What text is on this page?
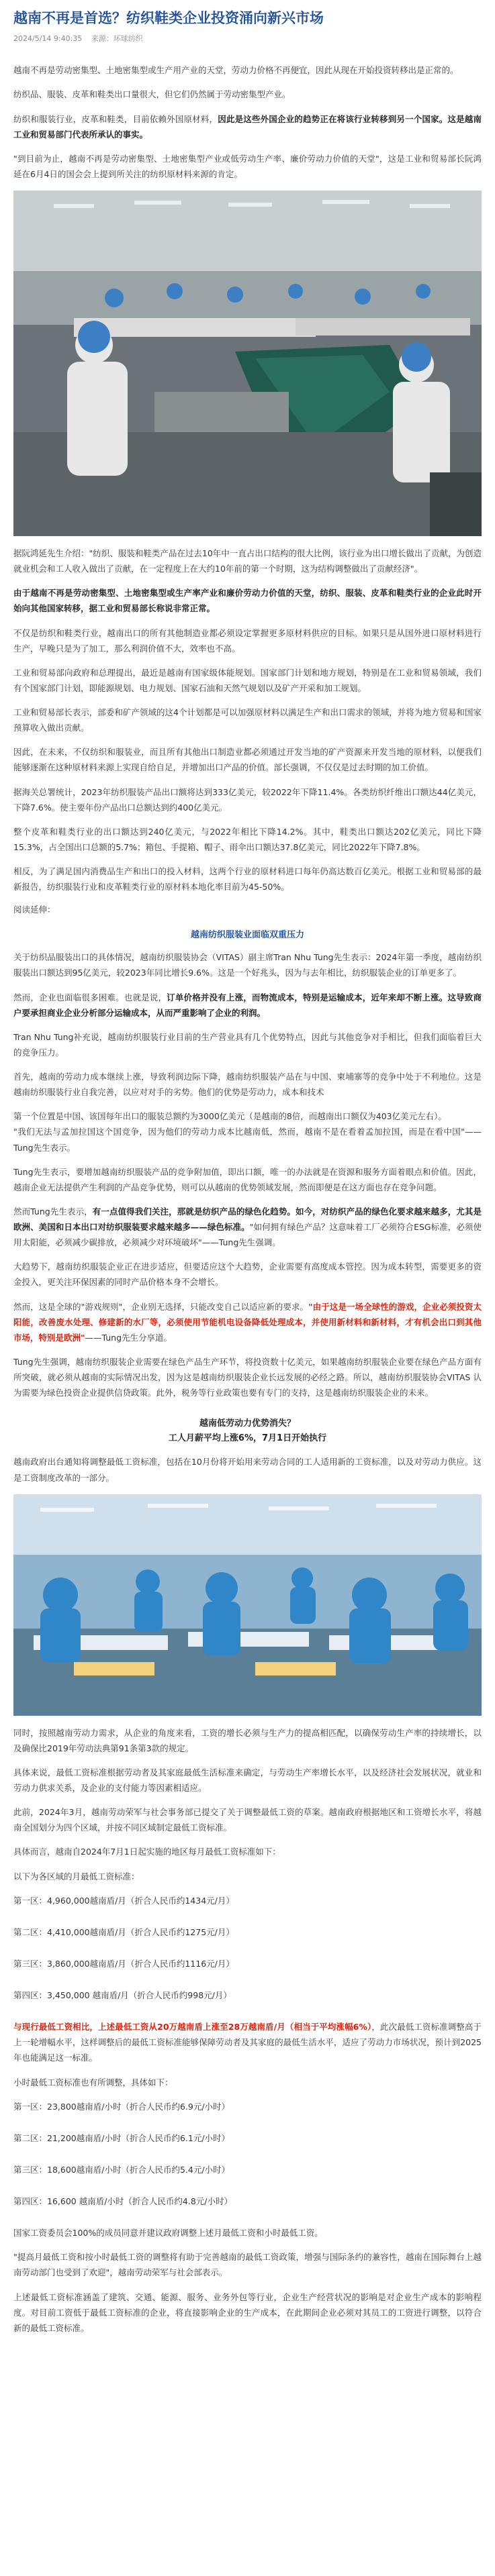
越南不再是首选？纺织鞋类企业投资涌向新兴市场
2024/5/14 9:40:35 来源：环球纺织

越南不再是劳动密集型、土地密集型或生产用产业的天堂，劳动力价格不再便宜，因此从现在开始投资转移出是正常的。

纺织品、服装、皮革和鞋类出口量很大，但它们仍然属于劳动密集型产业。

纺织和服装行业，皮革和鞋类，目前依赖外国原材料，因此是这些外国企业的趋势正在将该行业转移到另一个国家。这是越南工业和贸易部门代表所承认的事实。

"到目前为止，越南不再是劳动密集型、土地密集型产业或低劳动生产率、廉价劳动力价值的天堂"，这是工业和贸易部长阮鸿延在6月4日的国会会上提到所关注的纺织原材料来源的肯定。

据阮鸿延先生介绍："纺织、服装和鞋类产品在过去10年中一直占出口结构的很大比例，该行业为出口增长做出了贡献，为创造就业机会和工人收入做出了贡献，在一定程度上在大约10年前的第一个时期，这为结构调整做出了贡献经济"。

由于越南不再是劳动密集型、土地密集型或生产率产业和廉价劳动力价值的天堂，纺织、服装、皮革和鞋类行业的企业此时开始向其他国家转移，据工业和贸易部长称说非常正常。

不仅是纺织和鞋类行业，越南出口的所有其他制造业都必须设定掌握更多原材料供应的目标。如果只是从国外进口原材料进行生产，早晚只是为了加工，那么利润价值不大，效率也不高。

工业和贸易部向政府和总理提出，最近是越南有国家级体能规划。国家部门计划和地方规划，特别是在工业和贸易领域，我们有个国家部门计划，即能源规划、电力规划、国家石油和天然气规划以及矿产开采和加工规划。

工业和贸易部长表示，部委和矿产领域的这4个计划都是可以加强原材料以满足生产和出口需求的领域，并将为地方贸易和国家预算收入做出贡献。

因此，在未来，不仅纺织和服装业，而且所有其他出口制造业都必须通过开发当地的矿产资源来开发当地的原材料，以便我们能够逐渐在这种原材料来源上实现自给自足，并增加出口产品的价值。部长强调，不仅仅是过去时期的加工价值。

据海关总署统计，2023年纺织服装产品出口额将达到333亿美元，较2022年下降11.4%。各类纺织纤维出口额达44亿美元，下降7.6%。使主要年份产品出口总额达到约400亿美元。

整个皮革和鞋类行业的出口额达到240亿美元，与2022年相比下降14.2%。其中，鞋类出口额达202亿美元，同比下降15.3%，占全国出口总额的5.7%；箱包、手提箱、帽子、雨伞出口额达37.8亿美元，同比2022年下降7.8%。

相反，为了满足国内消费品生产和出口的投入材料，这两个行业的原材料进口每年仍高达数百亿美元。根据工业和贸易部的最新报告，纺织服装行业和皮革鞋类行业的原材料本地化率目前为45-50%。

阅读延伸：

越南纺织服装业面临双重压力

关于纺织品服装出口的具体情况，越南纺织服装协会（VITAS）副主席Tran Nhu Tung先生表示：2024年第一季度，越南纺织服装出口额达到95亿美元，较2023年同比增长9.6%。这是一个好兆头，因为与去年相比，纺织服装企业的订单更多了。

然而，企业也面临很多困难。也就是说，订单价格并没有上涨，而物流成本，特别是运输成本，近年来却不断上涨。这导致商户要承担商业企业分析部分运输成本，从而严重影响了企业的利润。

Tran Nhu Tung补充说，越南纺织服装行业目前的生产营业具有几个优势特点，因此与其他竞争对手相比，但我们面临着巨大的竞争压力。

首先，越南的劳动力成本继续上涨，导致利润边际下降，越南纺织服装产品在与中国、柬埔寨等的竞争中处于不利地位。这是越南纺织服装行业自我完善，以应对对手的劣势。他们的优势是劳动力，成本和技术

第一个位置是中国、该国每年出口的服装总额约为3000亿美元（是越南的8倍，而越南出口额仅为403亿美元左右）。
"我们无法与孟加拉国这个国竞争，因为他们的劳动力成本比越南低，然而，越南不是在看着孟加拉国，而是在看中国"——Tung先生表示。

Tung先生表示，要增加越南纺织服装产品的竞争附加值，即出口额，唯一的办法就是在资源和服务方面着眼点和价值。因此，越南企业无法提供产生利润的产品竞争优势，则可以从越南的优势领域发展，然而即便是在这方面也存在竞争问题。

然而Tung先生表示，有一点值得我们关注，那就是纺织产品的绿色化趋势。如今，对纺织产品的绿色化要求越来越多，尤其是欧洲、美国和日本出口对纺织服装要求越来越多——绿色标准。"如何拥有绿色产品？这意味着工厂必须符合ESG标准，必须使用太阳能，必须减少碳排放，必须减少对环境破坏"——Tung先生强调。

大趋势下，越南纺织服装企业正在进步适应，但要适应这个大趋势，企业需要有高度成本管控。因为成本转型，需要更多的资金投入，更关注环保因素的同时产品价格本身不会增长。

然而，这是全球的"游戏规则"，企业别无选择，只能改变自己以适应新的要求。"由于这是一场全球性的游戏，企业必须投资太阳能，改善废水处理、修建新的水厂等，必须使用节能机电设备降低处理成本，并使用新材料和新材料，才有机会出口到其他市场，特别是欧洲"——Tung先生分享道。

Tung先生强调，越南纺织服装企业需要在绿色产品生产环节，将投资数十亿美元，如果越南纺织服装企业要在绿色产品方面有所突破，就必须从越南的实际情况出发，因为这是越南纺织服装企业长远发展的必经之路。所以，越南纺织服装协会VITAS 认为需要为绿色投资企业提供信贷政策。此外，税务等行业政策也要有专门的支持，这是越南纺织服装企业的未来。

越南低劳动力优势消失？
工人月薪平均上涨6%，7月1日开始执行

越南政府出台通知将调整最低工资标准，包括在10月份将开始用来劳动合同的工人适用新的工资标准，以及对劳动力供应。这是工资制度改革的一部分。

同时，按照越南劳动力需求，从企业的角度来看，工资的增长必须与生产力的提高相匹配，以确保劳动生产率的持续增长，以及确保比2019年劳动法典第91条第3款的规定。

具体来说，最低工资标准根据劳动者及其家庭最低生活标准来确定，与劳动生产率增长水平，以及经济社会发展状况，就业和劳动力供求关系，及企业的支付能力等因素相适应。

此前，2024年3月，越南劳动荣军与社会事务部已提交了关于调整最低工资的草案。越南政府根据地区和工资增长水平，将越南全国划分为四个区域，并按不同区域制定最低工资标准。

具体而言，越南自2024年7月1日起实施的地区每月最低工资标准如下：

以下为各区域的月最低工资标准：

第一区：4,960,000越南盾/月（折合人民币约1434元/月）

第二区：4,410,000越南盾/月（折合人民币约1275元/月）

第三区：3,860,000越南盾/月（折合人民币约1116元/月）

第四区：3,450,000 越南盾/月（折合人民币约998元/月）

与现行最低工资相比，上述最低工资从20万越南盾上涨至28万越南盾/月（相当于平均涨幅6%），此次最低工资标准调整高于上一轮增幅水平，这样调整后的最低工资标准能够保障劳动者及其家庭的最低生活水平，适应了劳动力市场状况，预计到2025年也能满足这一标准。

小时最低工资标准也有所调整，具体如下：

第一区：23,800越南盾/小时（折合人民币约6.9元/小时）

第二区：21,200越南盾/小时（折合人民币约6.1元/小时）

第三区：18,600越南盾/小时（折合人民币约5.4元/小时）

第四区：16,600 越南盾/小时（折合人民币约4.8元/小时）

国家工资委员会100%的成员同意并建议政府调整上述月最低工资和小时最低工资。

"提高月最低工资和按小时最低工资的调整将有助于完善越南的最低工资政策，增强与国际条约的兼容性，越南在国际舞台上越南劳动部门也受到了欢迎"，越南劳动荣军与社会部表示。

上述最低工资标准涵盖了建筑、交通、能源、服务、业务外包等行业，企业生产经营状况的影响是对企业生产成本的影响程度。对目前工资低于最低工资标准的企业，将直接影响企业的生产成本，在此期间企业必须对其员工的工资进行调整，以符合新的最低工资标准。
